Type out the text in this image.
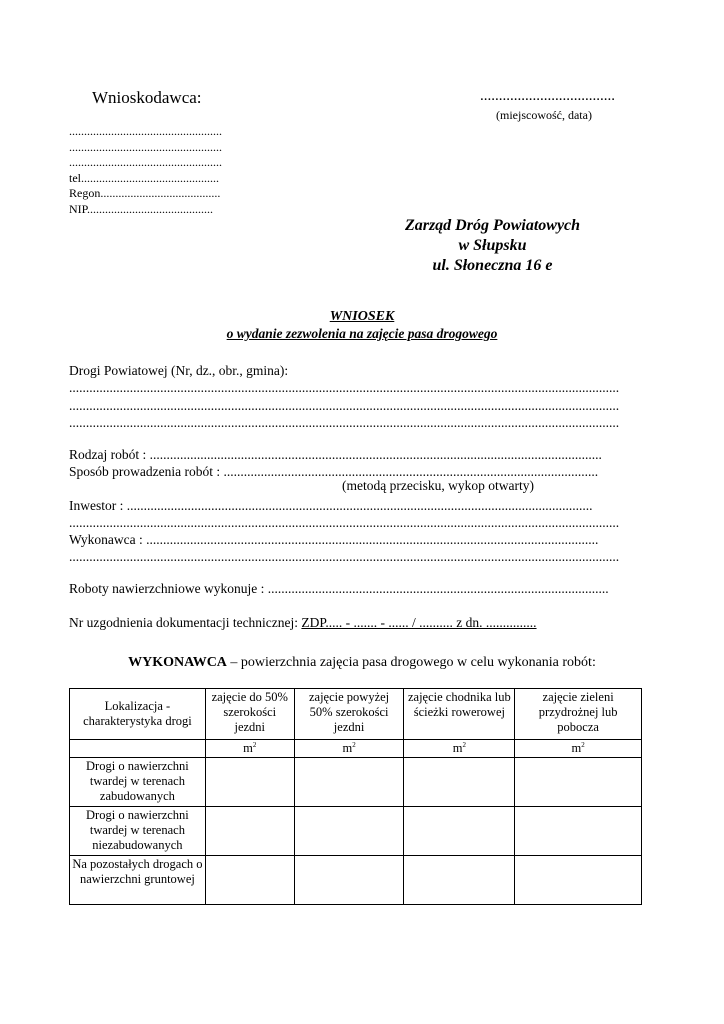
Wnioskodawca:	....................................
(miejscowość, data)
...................................................
...................................................
...................................................
tel..............................................
Regon........................................
NIP..........................................
Zarząd Dróg Powiatowych
w Słupsku
ul. Słoneczna 16 e
WNIOSEK
o wydanie zezwolenia na zajęcie pasa drogowego
Drogi Powiatowej (Nr, dz., obr., gmina):
...................................................................................................................................................................
...................................................................................................................................................................
...................................................................................................................................................................
Rodzaj robót : ......................................................................................................................................
Sposób prowadzenia robót : ...............................................................................................................
(metodą przecisku, wykop otwarty)
Inwestor : ..........................................................................................................................................
...................................................................................................................................................................
Wykonawca : ......................................................................................................................................
...................................................................................................................................................................
Roboty nawierzchniowe wykonuje : .....................................................................................................
Nr uzgodnienia dokumentacji technicznej: ZDP..... - ....... - ...... / .......... z dn. ...............
WYKONAWCA – powierzchnia zajęcia pasa drogowego w celu wykonania robót:
Lokalizacja - charakterystyka drogi	zajęcie do 50% szerokości jezdni	zajęcie powyżej 50% szerokości jezdni	zajęcie chodnika lub ścieżki rowerowej	zajęcie zieleni przydrożnej lub pobocza
	$m^2$	$m^2$	$m^2$	$m^2$
Drogi o nawierzchni twardej w terenach zabudowanych				
Drogi o nawierzchni twardej w terenach niezabudowanych				
Na pozostałych drogach o nawierzchni gruntowej				
